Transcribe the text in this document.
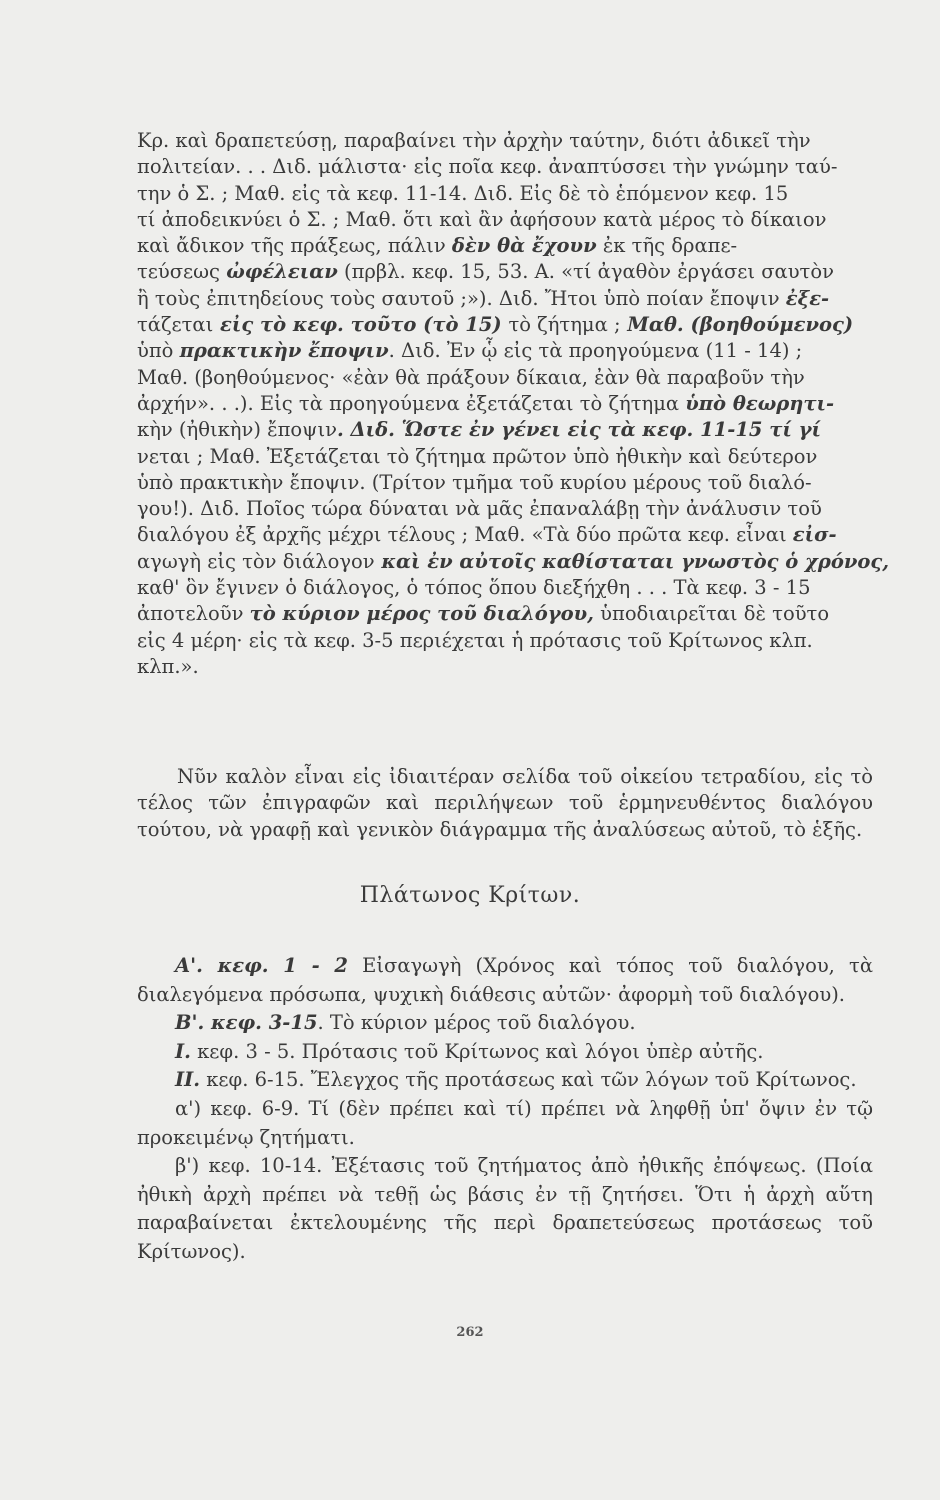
Κρ. καὶ δραπετεύσῃ, παραβαίνει τὴν ἀρχὴν ταύτην, διότι ἀδικεῖ τὴν
πολιτείαν. . . Διδ. μάλιστα· εἰς ποῖα κεφ. ἀναπτύσσει τὴν γνώμην ταύ-
την ὁ Σ. ; Μαθ. εἰς τὰ κεφ. 11-14. Διδ. Εἰς δὲ τὸ ἑπόμενον κεφ. 15
τί ἀποδεικνύει ὁ Σ. ; Μαθ. ὅτι καὶ ἂν ἀφήσουν κατὰ μέρος τὸ δίκαιον
καὶ ἄδικον τῆς πράξεως, πάλιν δὲν θὰ ἔχουν ἐκ τῆς δραπε-
τεύσεως ὠφέλειαν (πρβλ. κεφ. 15, 53. Α. «τί ἀγαθὸν ἐργάσει σαυτὸν
ἢ τοὺς ἐπιτηδείους τοὺς σαυτοῦ ;»). Διδ. Ἤτοι ὑπὸ ποίαν ἔποψιν ἐξε-
τάζεται εἰς τὸ κεφ. τοῦτο (τὸ 15) τὸ ζήτημα ; Μαθ. (βοηθούμενος)
ὑπὸ πρακτικὴν ἔποψιν. Διδ. Ἐν ᾧ εἰς τὰ προηγούμενα (11 - 14) ;
Μαθ. (βοηθούμενος· «ἐὰν θὰ πράξουν δίκαια, ἐὰν θὰ παραβοῦν τὴν
ἀρχήν». . .). Εἰς τὰ προηγούμενα ἐξετάζεται τὸ ζήτημα ὑπὸ θεωρητι-
κὴν (ἠθικὴν) ἔποψιν. Διδ. Ὥστε ἐν γένει εἰς τὰ κεφ. 11-15 τί γί
νεται ; Μαθ. Ἐξετάζεται τὸ ζήτημα πρῶτον ὑπὸ ἠθικὴν καὶ δεύτερον
ὑπὸ πρακτικὴν ἔποψιν. (Τρίτον τμῆμα τοῦ κυρίου μέρους τοῦ διαλό-
γου!). Διδ. Ποῖος τώρα δύναται νὰ μᾶς ἐπαναλάβῃ τὴν ἀνάλυσιν τοῦ
διαλόγου ἐξ ἀρχῆς μέχρι τέλους ; Μαθ. «Τὰ δύο πρῶτα κεφ. εἶναι εἰσ-
αγωγὴ εἰς τὸν διάλογον καὶ ἐν αὐτοῖς καθίσταται γνωστὸς ὁ χρόνος,
καθ' ὃν ἔγινεν ὁ διάλογος, ὁ τόπος ὅπου διεξήχθη . . . Τὰ κεφ. 3 - 15
ἀποτελοῦν τὸ κύριον μέρος τοῦ διαλόγου, ὑποδιαιρεῖται δὲ τοῦτο
εἰς 4 μέρη· εἰς τὰ κεφ. 3-5 περιέχεται ἡ πρότασις τοῦ Κρίτωνος κλπ.
κλπ.».
Νῦν καλὸν εἶναι εἰς ἰδιαιτέραν σελίδα τοῦ οἰκείου τετραδίου, εἰς τὸ τέλος τῶν ἐπιγραφῶν καὶ περιλήψεων τοῦ ἑρμηνευθέντος διαλόγου τούτου, νὰ γραφῇ καὶ γενικὸν διάγραμμα τῆς ἀναλύσεως αὐτοῦ, τὸ ἑξῆς.
Πλάτωνος Κρίτων.

Α'. κεφ. 1 - 2 Εἰσαγωγὴ (Χρόνος καὶ τόπος τοῦ διαλόγου, τὰ διαλεγόμενα πρόσωπα, ψυχικὴ διάθεσις αὐτῶν· ἀφορμὴ τοῦ διαλόγου).

Β'. κεφ. 3-15. Τὸ κύριον μέρος τοῦ διαλόγου.

Ι. κεφ. 3 - 5. Πρότασις τοῦ Κρίτωνος καὶ λόγοι ὑπὲρ αὐτῆς.

ΙΙ. κεφ. 6-15. Ἔλεγχος τῆς προτάσεως καὶ τῶν λόγων τοῦ Κρίτωνος.

α') κεφ. 6-9. Τί (δὲν πρέπει καὶ τί) πρέπει νὰ ληφθῇ ὑπ' ὄψιν ἐν τῷ προκειμένῳ ζητήματι.

β') κεφ. 10-14. Ἐξέτασις τοῦ ζητήματος ἀπὸ ἠθικῆς ἐπόψεως. (Ποία ἠθικὴ ἀρχὴ πρέπει νὰ τεθῇ ὡς βάσις ἐν τῇ ζητήσει. Ὅτι ἡ ἀρχὴ αὕτη παραβαίνεται ἐκτελουμένης τῆς περὶ δραπετεύσεως προτάσεως τοῦ Κρίτωνος).

262
